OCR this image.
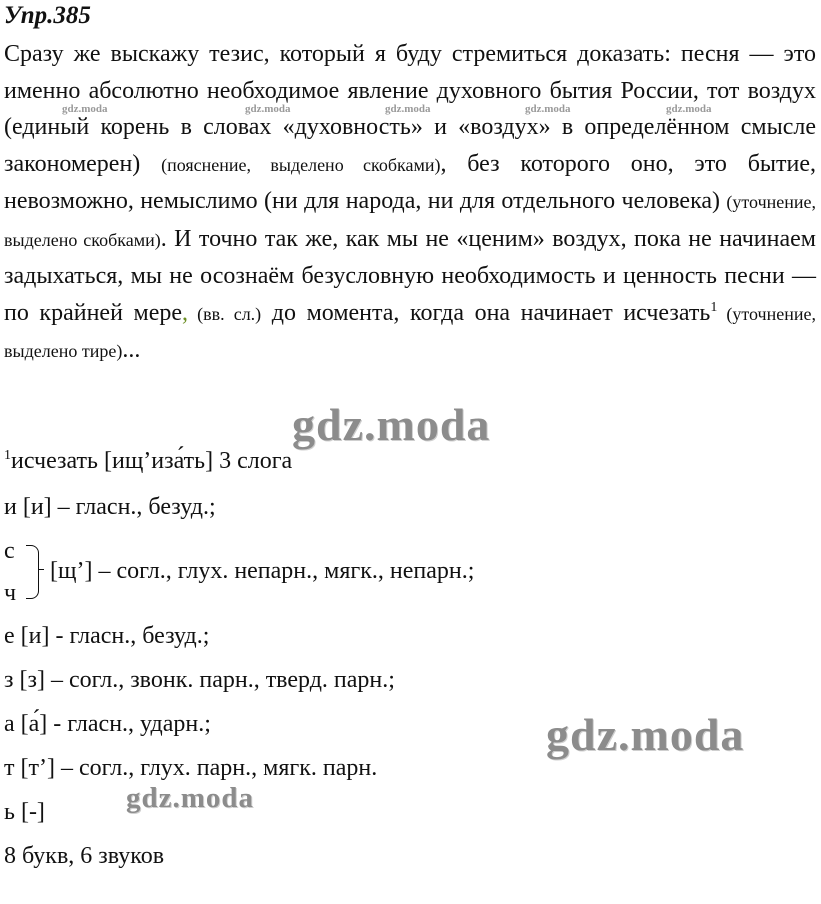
Упр.385
Сразу же выскажу тезис, который я буду стремиться доказать: песня — это именно абсолютно необходимое явление духовного бытия России, тот воздух (единый корень в словах «духовность» и «воздух» в определённом смысле закономерен) (пояснение, выделено скобками), без которого оно, это бытие, невозможно, немыслимо (ни для народа, ни для отдельного человека) (уточнение, выделено скобками). И точно так же, как мы не «ценим» воздух, пока не начинаем задыхаться, мы не осознаём безусловную необходимость и ценность песни — по крайней мере, (вв. сл.) до момента, когда она начинает исчезать$^1$ (уточнение, выделено тире)...
gdz.moda	gdz.moda	gdz.moda	gdz.moda	gdz.moda
gdz.moda
gdz.moda
gdz.moda
$^1$исчезать [ищ’иза́ть] 3 слога
и [и] – гласн., безуд.;
с
ч
[щ’] – согл., глух. непарн., мягк., непарн.;
е [и] - гласн., безуд.;
з [з] – согл., звонк. парн., тверд. парн.;
а [а́] - гласн., ударн.;
т [т’] – согл., глух. парн., мягк. парн.
ь [-]
8 букв, 6 звуков
